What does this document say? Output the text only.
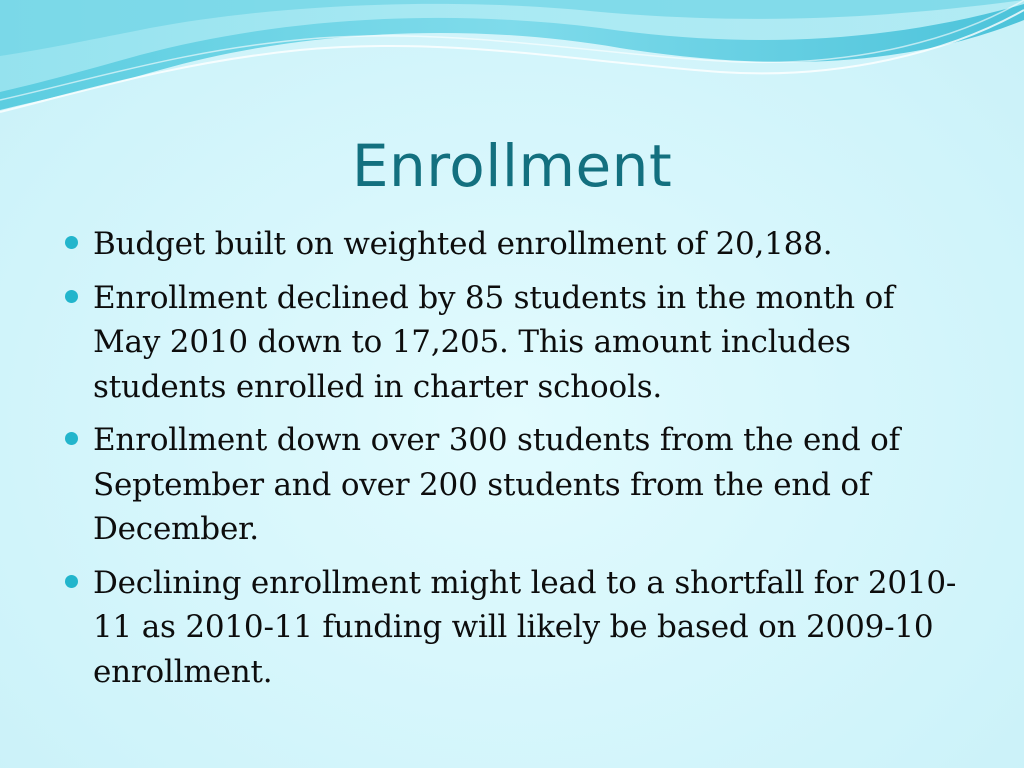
Enrollment
Budget built on weighted enrollment of 20,188.
Enrollment declined by 85 students in the month of May 2010 down to 17,205. This amount includes students enrolled in charter schools.
Enrollment down over 300 students from the end of September and over 200 students from the end of December.
Declining enrollment might lead to a shortfall for 2010-11 as 2010-11 funding will likely be based on 2009-10 enrollment.
